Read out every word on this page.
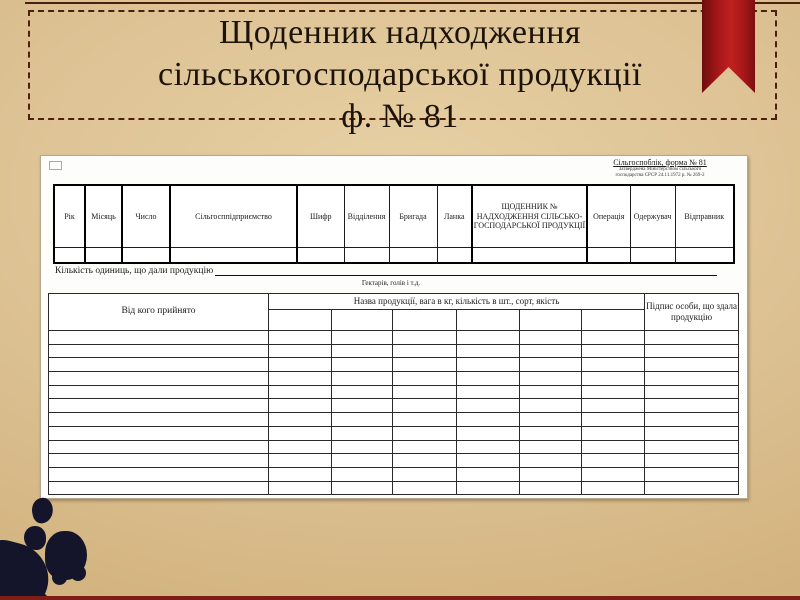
Щоденник надходження
сільськогосподарської продукції
ф. № 81
Сільгоспоблік, форма № 81
Затверджена Міністерством сільського
господарства СРСР 24.11.1972 р. № 269-2
Рік	Місяць	Число	Сільгосппідприємство	Шифр	Відділення	Бригада	Ланка	ЩОДЕННИК № НАДХОДЖЕННЯ СІЛЬСЬКО-ГОСПОДАРСЬКОЇ ПРОДУКЦІЇ	Операція	Одержувач	Відправник

Кількість одиниць, що дали продукцію
Гектарів, голів і т.д.
Від кого прийнято	Назва продукції, вага в кг, кількість в шт., сорт, якість						Підпис особи, що здала продукцію
